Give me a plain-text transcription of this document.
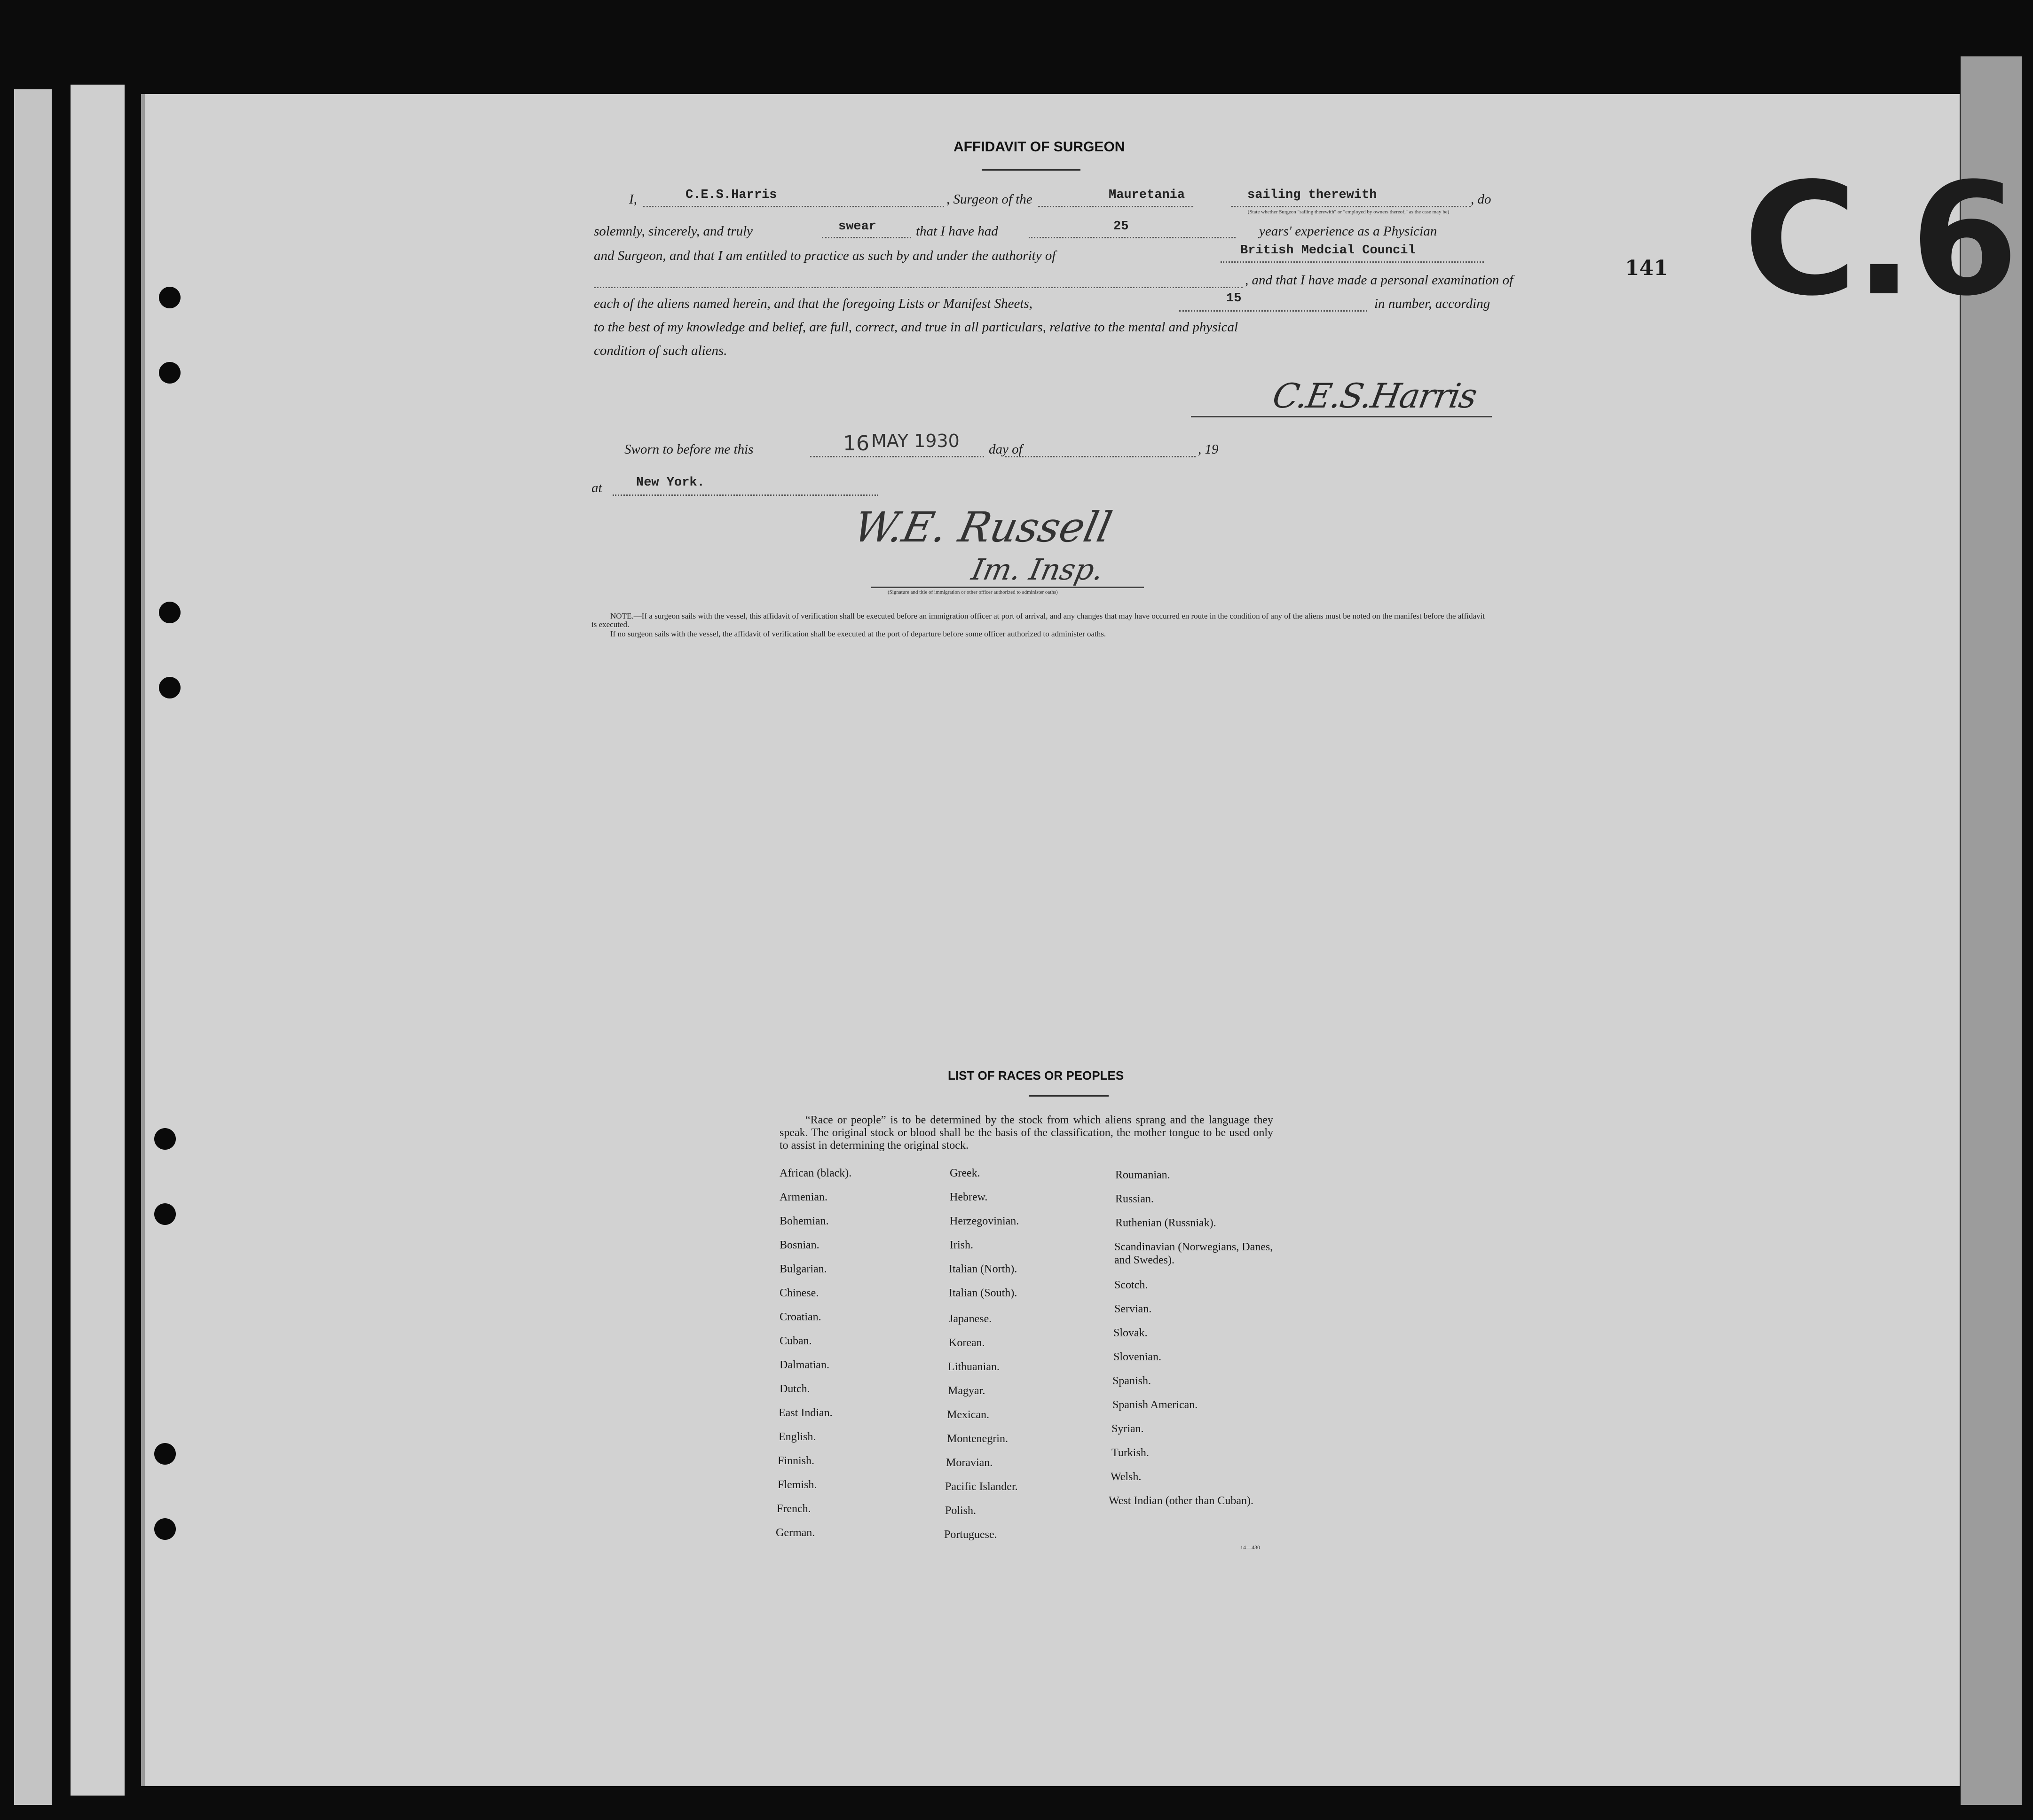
C.6
141
AFFIDAVIT OF SURGEON
I,	C.E.S.Harris	, Surgeon of the	Mauretania	sailing therewith	, do
(State whether Surgeon "sailing therewith" or "employed by owners thereof," as the case may be)
solemnly, sincerely, and truly	swear	that I have had	25	years' experience as a Physician
and Surgeon, and that I am entitled to practice as such by and under the authority of	British Medcial Council
, and that I have made a personal examination of
each of the aliens named herein, and that the foregoing Lists or Manifest Sheets,	15	in number, according
to the best of my knowledge and belief, are full, correct, and true in all particulars, relative to the mental and physical
condition of such aliens.
C.E.S.Harris
Sworn to before me this	16 MAY 1930 day of	, 19
at	New York.
W.E. Russell
Im. Insp.
(Signature and title of immigration or other officer authorized to administer oaths)
NOTE.—If a surgeon sails with the vessel, this affidavit of verification shall be executed before an immigration officer at port of arrival, and any changes that may have occurred en route in the condition of any of the aliens must be noted on the manifest before the affidavit is executed.
If no surgeon sails with the vessel, the affidavit of verification shall be executed at the port of departure before some officer authorized to administer oaths.
LIST OF RACES OR PEOPLES
“Race or people” is to be determined by the stock from which aliens sprang and the language they speak. The original stock or blood shall be the basis of the classification, the mother tongue to be used only to assist in determining the original stock.
African (black).
Armenian.
Bohemian.
Bosnian.
Bulgarian.
Chinese.
Croatian.
Cuban.
Dalmatian.
Dutch.
East Indian.
English.
Finnish.
Flemish.
French.
German.
Greek.
Hebrew.
Herzegovinian.
Irish.
Italian (North).
Italian (South).
Japanese.
Korean.
Lithuanian.
Magyar.
Mexican.
Montenegrin.
Moravian.
Pacific Islander.
Polish.
Portuguese.
Roumanian.
Russian.
Ruthenian (Russniak).
Scandinavian (Norwegians, Danes, and Swedes).
Scotch.
Servian.
Slovak.
Slovenian.
Spanish.
Spanish American.
Syrian.
Turkish.
Welsh.
West Indian (other than Cuban).
14—430
